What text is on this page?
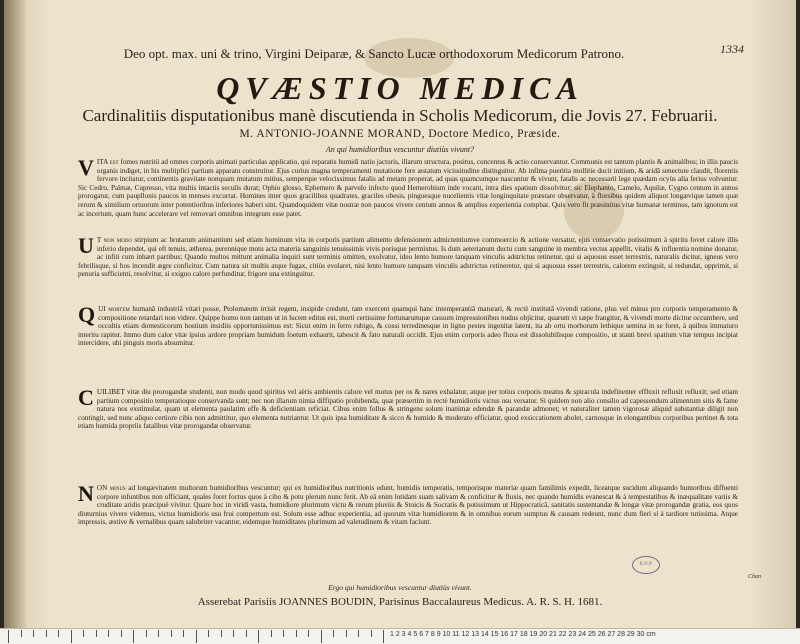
Deo opt. max. uni & trino, Virgini Deiparæ, & Sancto Lucæ orthodoxorum Medicorum Patrono.	1334
QVÆSTIO MEDICA
Cardinalitiis disputationibus manè discutienda in Scholis Medicorum, die Jovis 27. Februarii.
M. ANTONIO-JOANNE MORAND, Doctore Medico, Præside.
An qui humidioribus vescuntur diutiùs vivunt?
V ITA est fomes nutritii ad omnes corporis animati particulas applicatio, qui reparatis humidi natiu jacturis, illarum structura, positus, concentus & actio conservantur. Communis est tantum plantis & animalibus; in illis paucis organis indiget, in his multiplici partium apparatu construitur. Ejus curius magna temperamenti mutatione fere æstatum vicissitudine distinguitur. Ab infima pueritia mollitie ducit initium, & aridâ senectute claudit, florentis fervore incitatur, continentis gravitate nonquam mutatum mitius, semperque velocissimus fatalis ad metam properat, ad quas quamcumque nascuntur & vivunt, fatalis ac necessarii lege quædam ocyùs alia ferius volvuntur. Sic Cedro, Palmæ, Cupresso, vita multis intactis seculis durat; Ophio glosso, Ephemero & parvulo infecto quod Hemerobium inde vocant, intra dies spatium dissolvitur; sic Elephanto, Camelo, Aquilæ, Cygno centum in annos prorogatur, cum paupllonis paucos in menses excurrat. Homines inter quos gracilibus quadrates, graciles obesis, pinguesque nucelientis vitæ longinquitate præstare observatur, à florsibus quidem aliquot longævique tamen quæ rerum & similium ortuorum inter potentioribus inferiores haberi sint. Quandoquidem vitæ nostræ non paucos vivere centum annos & amplius experientia compbat. Quis vero fit præsinitus vitæ humanæ terminus, tam ignotum est ac incertum, quam hunc accelerare vel removari omnibus integrum esse patet.
U T non modo stirpium ac brutarum animantium sed etiam hominum vita in corporis partium alimento defensionem admictentiumve commoercio & actione versatur, ejus conservatio potissimum à spiritu fovet calore illis inferio dependet, qui eft tenuis, ætherea, perennique motu acta materia sanguinis tenuissimis vivis porisque permixtus. Is dum aeterianum ductu cum sanguine in membra vectus appellit, vitalis & influentia nomine donatur, ac infiti cum inhært partibus; Quando multos mittunt animalia inquiri sunt terminis omitten, exolvatur, ideo lento humore tanquam vinculis adstrictus retinetur, qui si aquosus esset terrestris, naturalis dicitur, igneus vero febrilisque, si hos incendit ægre conficitur. Cum natura sit multis atque fugax, citiùs evolaret, nisi lento humore tanquam vinculis adstrictus retineretur, qui si aquosus esset terrestris, calorem extinguit, si redundat, opprimit, si penuria sufficienti, resolvitur, si exiguo calore perfunditur, frigore una extinguitur.
Q UI mortem humanâ industriâ vitari posse, Ptolomæum irrisit regem, insipide credunt, tam exercent quamqui hanc intemperantiâ maturari, & rectè institutâ vivendi ratione, plus vel minus pro corporis temperamento & compositione retardari non videre. Quippe homo non tantum ut in lucem editus est, morti certissime fortunarumque casuum impressionibus nudus objicitur, quarum vi sæpe frangitur, & vivendi morte dicitur occumbere, sed occultis etiam domesticorum hostium insidiis opportunissimus est: Sicut enim in ferro rubigo, & cossi terredinesque in ligno pestes ingenitæ latent, ita ab ortu morborum lethique semina in se foret, à quibus immaturo interitu rapitur. Immo dum calor vitæ ipsius ardore propriam humidum foetum exhaurit, tabescit & fato naturali occidit. Ejus enim corporis adeo fluxa est dissolubilisque compositio, ut stanti brevi spatium vitæ tempus incipiat intercidere, ubi pinguis moris absumitur.
C UILIBET vitæ diu prorogandæ studenti, non modo quod spiritus vel aëris ambientis calore vel motus per os & nares exhalatur, atque per totius corporis meatus & spiracula indefinenter effluxit refluxit refluxit; sed etiam partium compositio temperatioque conservanda sunt; nec non illarum nimia diffipatio prohibenda, quæ præsertim in rectè humidioris victus usu versatur. Si quidem non alio consilio ad capessendum alimentum sitis & fame natura nos exstimulat, quam ut elementa paulatim effe & deficientiam reficiat. Cibus enim follus & stringens solum inanimæ edendæ & parandæ admonet; vt naturaliter tamen vigorosæ aliquid substantiæ diligit non contingit, sed nunc aliquo certiore cibis non admittitur, quo elementa nutriantur. Ut quis ipsa humiditate & sicco & humido & moderato efficiatur, quod exsiccationem abolet, carnosque in elongantibus corporibus pertinet & tota etiam humida propriis fatalibus vitæ prorogandæ observatur.
N ON minus ad longævitatem multorum humidioribus vescuntur; qui ex humidioribus nutritionis edunt, humidis temperatis, temporisque materiæ quam familimis expedit, liceatque sucidum aliquando humoribus diffuenti corpore infuntibus non officiant, quales foret foctus quos à cibo & potu plerum nunc ferit. Ab eâ enim lotidam suam salivam & conficitur & fluxis, nec quando humidis evanescat & à tempestatibus & inæqualitate variis & cruditate aridis præcipuè vivitur. Quare hoc in viridi vasta, humidiore plurimum victu & rerum pluviis & Stoicis & Socratis & potissimum ut Hippocraticâ, sanitatis sustentandæ & longæ vitæ prorogandæ gratia, eos quos diuturnius vivere videmus, victus humidioris usu frui compertum est. Solum esse adhuc experientia, ad quorum vitæ humidiorem & in omnibus eorum sumptus & causam redeunt, nunc dum fieri si à tardiore tutissima. Atque impressis, æstive & vernalibus quam salubriter vacantur, eidemque humiditates plurimum ad valetudinem & vitam faciunt.
B.N.P.
Chan
Ergo qui humidioribus vescuntur diutiùs vivunt.
Asserebat Parisiis JOANNES BOUDIN, Parisinus Baccalaureus Medicus. A. R. S. H. 1681.
1 2 3 4 5 6 7 8 9 10 11 12 13 14 15 16 17 18 19 20 21 22 23 24 25 26 27 28 29 30 cm
